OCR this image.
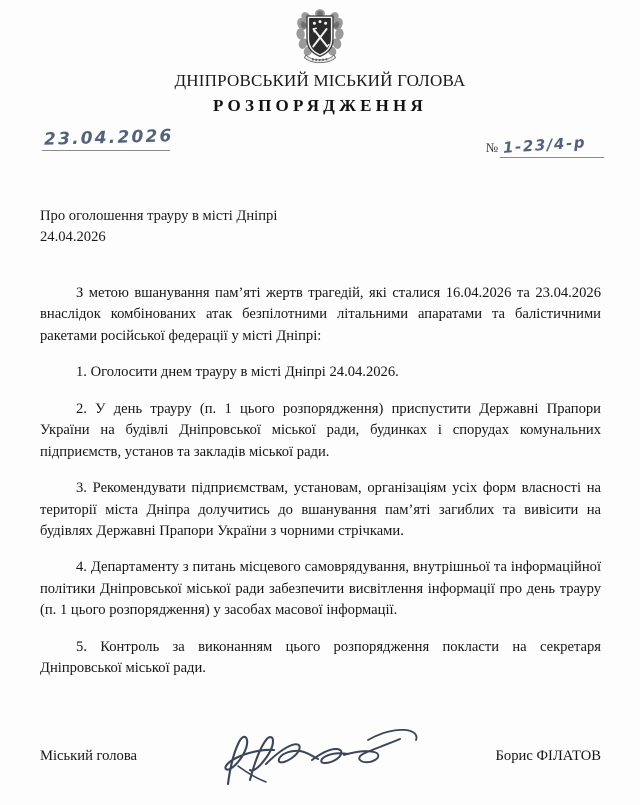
ДНІПРОВСЬКИЙ МІСЬКИЙ ГОЛОВА
РОЗПОРЯДЖЕННЯ
23.04.2026	№ 1-23/4-р
Про оголошення трауру в місті Дніпрі 24.04.2026

З метою вшанування пам’яті жертв трагедій, які сталися 16.04.2026 та 23.04.2026 внаслідок комбінованих атак безпілотними літальними апаратами та балістичними ракетами російської федерації у місті Дніпрі:

1. Оголосити днем трауру в місті Дніпрі 24.04.2026.

2. У день трауру (п. 1 цього розпорядження) приспустити Державні Прапори України на будівлі Дніпровської міської ради, будинках і спорудах комунальних підприємств, установ та закладів міської ради.

3. Рекомендувати підприємствам, установам, організаціям усіх форм власності на території міста Дніпра долучитись до вшанування пам’яті загиблих та вивісити на будівлях Державні Прапори України з чорними стрічками.

4. Департаменту з питань місцевого самоврядування, внутрішньої та інформаційної політики Дніпровської міської ради забезпечити висвітлення інформації про день трауру (п. 1 цього розпорядження) у засобах масової інформації.

5. Контроль за виконанням цього розпорядження покласти на секретаря Дніпровської міської ради.

Міський голова	Борис ФІЛАТОВ
